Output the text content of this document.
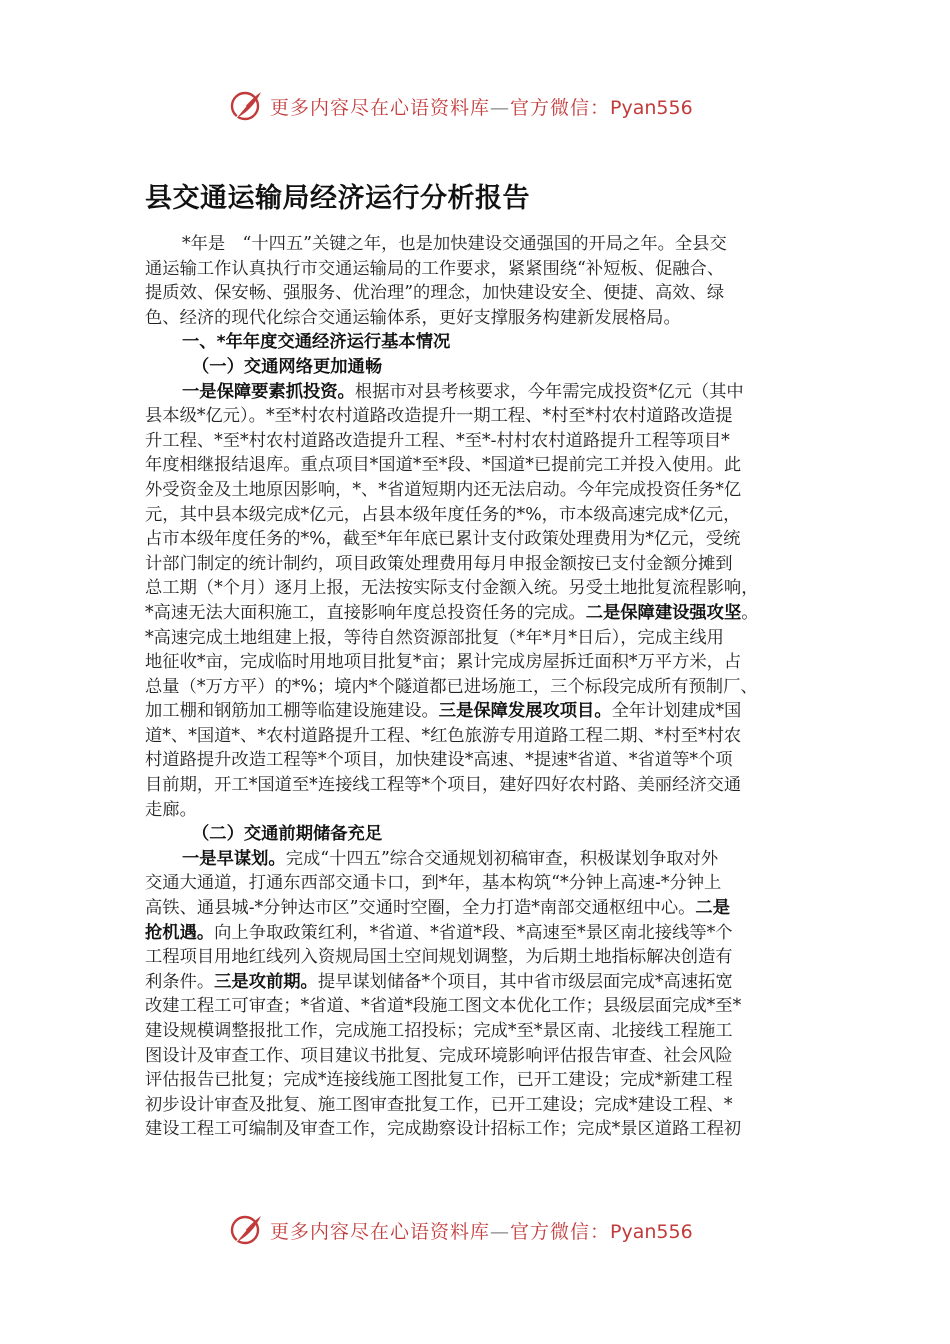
更多内容尽在心语资料库—官方微信：Pyan556
县交通运输局经济运行分析报告
*年是　“十四五”关键之年，也是加快建设交通强国的开局之年。全县交
通运输工作认真执行市交通运输局的工作要求，紧紧围绕“补短板、促融合、
提质效、保安畅、强服务、优治理”的理念，加快建设安全、便捷、高效、绿
色、经济的现代化综合交通运输体系，更好支撑服务构建新发展格局。
一、*年年度交通经济运行基本情况
（一）交通网络更加通畅
一是保障要素抓投资。根据市对县考核要求，今年需完成投资*亿元（其中
县本级*亿元）。*至*村农村道路改造提升一期工程、*村至*村农村道路改造提
升工程、*至*村农村道路改造提升工程、*至*-村村农村道路提升工程等项目*
年度相继报结退库。重点项目*国道*至*段、*国道*已提前完工并投入使用。此
外受资金及土地原因影响，*、*省道短期内还无法启动。今年完成投资任务*亿
元，其中县本级完成*亿元，占县本级年度任务的*%，市本级高速完成*亿元，
占市本级年度任务的*%，截至*年年底已累计支付政策处理费用为*亿元，受统
计部门制定的统计制约，项目政策处理费用每月申报金额按已支付金额分摊到
总工期（*个月）逐月上报，无法按实际支付金额入统。另受土地批复流程影响，
*高速无法大面积施工，直接影响年度总投资任务的完成。二是保障建设强攻坚。
*高速完成土地组建上报，等待自然资源部批复（*年*月*日后），完成主线用
地征收*亩，完成临时用地项目批复*亩；累计完成房屋拆迁面积*万平方米，占
总量（*万方平）的*%；境内*个隧道都已进场施工，三个标段完成所有预制厂、
加工棚和钢筋加工棚等临建设施建设。三是保障发展攻项目。全年计划建成*国
道*、*国道*、*农村道路提升工程、*红色旅游专用道路工程二期、*村至*村农
村道路提升改造工程等*个项目，加快建设*高速、*提速*省道、*省道等*个项
目前期，开工*国道至*连接线工程等*个项目，建好四好农村路、美丽经济交通
走廊。
（二）交通前期储备充足
一是早谋划。完成“十四五”综合交通规划初稿审查，积极谋划争取对外
交通大通道，打通东西部交通卡口，到*年，基本构筑“*分钟上高速-*分钟上
高铁、通县城-*分钟达市区”交通时空圈，全力打造*南部交通枢纽中心。二是
抢机遇。向上争取政策红利，*省道、*省道*段、*高速至*景区南北接线等*个
工程项目用地红线列入资规局国土空间规划调整，为后期土地指标解决创造有
利条件。三是攻前期。提早谋划储备*个项目，其中省市级层面完成*高速拓宽
改建工程工可审查；*省道、*省道*段施工图文本优化工作；县级层面完成*至*
建设规模调整报批工作，完成施工招投标；完成*至*景区南、北接线工程施工
图设计及审查工作、项目建议书批复、完成环境影响评估报告审查、社会风险
评估报告已批复；完成*连接线施工图批复工作，已开工建设；完成*新建工程
初步设计审查及批复、施工图审查批复工作，已开工建设；完成*建设工程、*
建设工程工可编制及审查工作，完成勘察设计招标工作；完成*景区道路工程初
更多内容尽在心语资料库—官方微信：Pyan556
